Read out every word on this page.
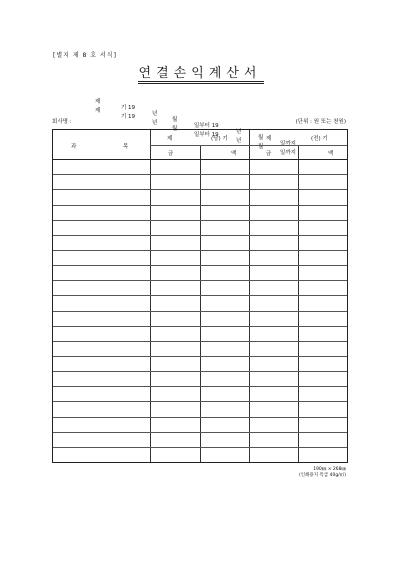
[별지 제 8 호 서식]
연결손익계산서

제

기 19

년

월

일부터 19

년

월

일까지

제

기 19

년

월

일부터 19

년

월

일까지

회사명 :	(단위 : 원 또는 천원)
과	목
제	(당) 기	제	(전) 기
금	액	금	액
190㎜ × 268㎜
(인쇄용지 특급 40g/㎡)
